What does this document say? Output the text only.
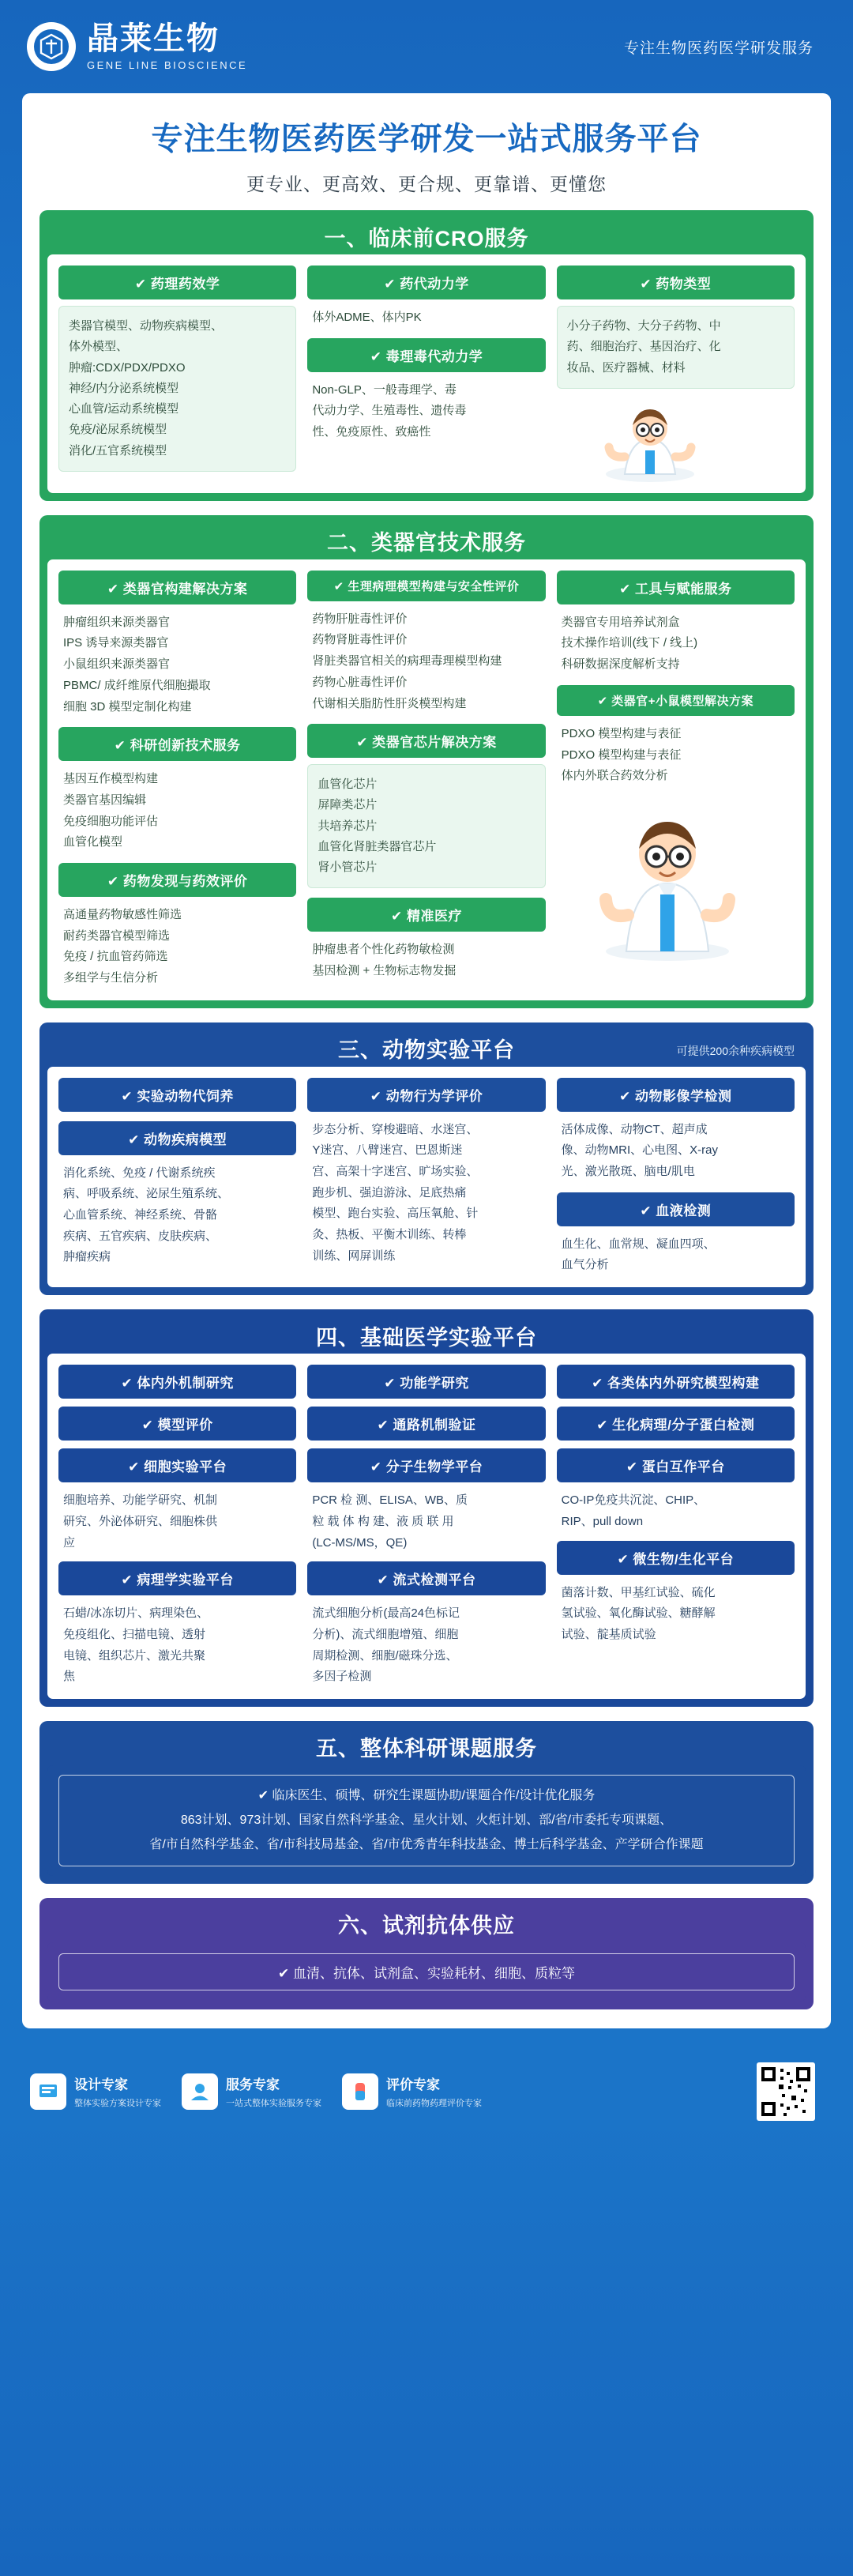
晶莱生物
GENE LINE BIOSCIENCE
专注生物医药医学研发服务
专注生物医药医学研发一站式服务平台
更专业、更高效、更合规、更靠谱、更懂您
一、临床前CRO服务
✔ 药理药效学
类器官模型、动物疾病模型、
体外模型、
肿瘤:CDX/PDX/PDXO
神经/内分泌系统模型
心血管/运动系统模型
免疫/泌尿系统模型
消化/五官系统模型
✔ 药代动力学
体外ADME、体内PK
✔ 毒理毒代动力学
Non-GLP、一般毒理学、毒
代动力学、生殖毒性、遗传毒
性、免疫原性、致癌性
✔ 药物类型
小分子药物、大分子药物、中
药、细胞治疗、基因治疗、化
妆品、医疗器械、材料
二、类器官技术服务
✔ 类器官构建解决方案
肿瘤组织来源类器官
IPS 诱导来源类器官
小鼠组织来源类器官
PBMC/ 成纤维原代细胞撮取
细胞 3D 模型定制化构建
✔ 科研创新技术服务
基因互作模型构建
类器官基因编辑
免疫细胞功能评估
血管化模型
✔ 药物发现与药效评价
高通量药物敏感性筛选
耐药类器官模型筛选
免疫 / 抗血管药筛选
多组学与生信分析
✔ 生理病理模型构建与安全性评价
药物肝脏毒性评价
药物肾脏毒性评价
肾脏类器官相关的病理毒理模型构建
药物心脏毒性评价
代谢相关脂肪性肝炎模型构建
✔ 类器官芯片解决方案
血管化芯片
屏障类芯片
共培养芯片
血管化肾脏类器官芯片
肾小管芯片
✔ 精准医疗
肿瘤患者个性化药物敏检测
基因检测 + 生物标志物发掘
✔ 工具与赋能服务
类器官专用培养试剂盒
技术操作培训(线下 / 线上)
科研数据深度解析支持
✔ 类器官+小鼠模型解决方案
PDXO 模型构建与表征
PDXO 模型构建与表征
体内外联合药效分析
三、动物实验平台	可提供200余种疾病模型
✔ 实验动物代饲养
✔ 动物疾病模型
消化系统、免疫 / 代谢系统疾
病、呼吸系统、泌尿生殖系统、
心血管系统、神经系统、骨骼
疾病、五官疾病、皮肤疾病、
肿瘤疾病
✔ 动物行为学评价
步态分析、穿梭避暗、水迷宫、
Y迷宫、八臂迷宫、巴恩斯迷
宫、高架十字迷宫、旷场实验、
跑步机、强迫游泳、足底热痛
模型、跑台实验、高压氧舱、针
灸、热板、平衡木训练、转棒
训练、网屏训练
✔ 动物影像学检测
活体成像、动物CT、超声成
像、动物MRI、心电图、X-ray
光、激光散斑、脑电/肌电
✔ 血液检测
血生化、血常规、凝血四项、
血气分析
四、基础医学实验平台
✔ 体内外机制研究
✔ 模型评价
✔ 细胞实验平台
细胞培养、功能学研究、机制
研究、外泌体研究、细胞株供
应
✔ 病理学实验平台
石蜡/冰冻切片、病理染色、
免疫组化、扫描电镜、透射
电镜、组织芯片、激光共聚
焦
✔ 功能学研究
✔ 通路机制验证
✔ 分子生物学平台
PCR 检 测、ELISA、WB、质
粒 载 体 构 建、液 质 联 用
(LC-MS/MS，QE)
✔ 流式检测平台
流式细胞分析(最高24色标记
分析)、流式细胞增殖、细胞
周期检测、细胞/磁珠分选、
多因子检测
✔ 各类体内外研究模型构建
✔ 生化病理/分子蛋白检测
✔ 蛋白互作平台
CO-IP免疫共沉淀、CHIP、
RIP、pull down
✔ 微生物/生化平台
菌落计数、甲基红试验、硫化
氢试验、氧化酶试验、糖酵解
试验、靛基质试验
五、整体科研课题服务
✔ 临床医生、硕博、研究生课题协助/课题合作/设计优化服务
863计划、973计划、国家自然科学基金、星火计划、火炬计划、部/省/市委托专项课题、
省/市自然科学基金、省/市科技局基金、省/市优秀青年科技基金、博士后科学基金、产学研合作课题
六、试剂抗体供应
✔ 血清、抗体、试剂盒、实验耗材、细胞、质粒等
设计专家
整体实验方案设计专家
服务专家
一站式整体实验服务专家
评价专家
临床前药物药理评价专家
